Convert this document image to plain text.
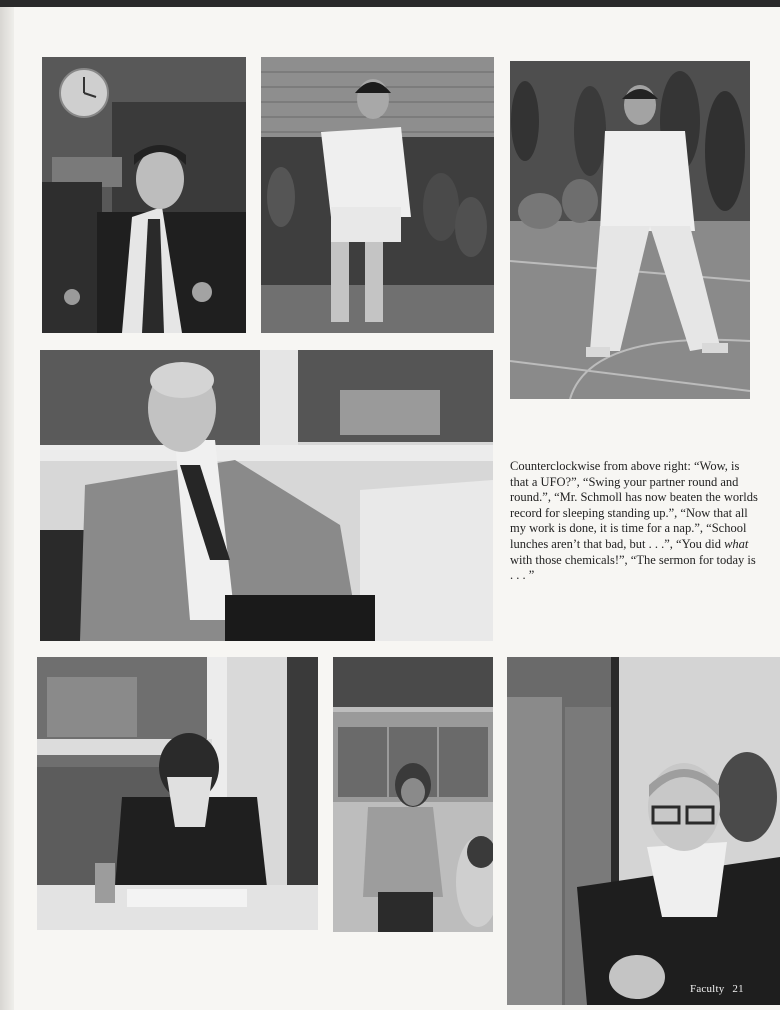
Counterclockwise from above right: “Wow, is that a UFO?”, “Swing your partner round and round.”, “Mr. Schmoll has now beaten the worlds record for sleeping standing up.”, “Now that all my work is done, it is time for a nap.”, “School lunches aren’t that bad, but . . .”, “You did what with those chemicals!”, “The sermon for today is . . . ”

Faculty 21
